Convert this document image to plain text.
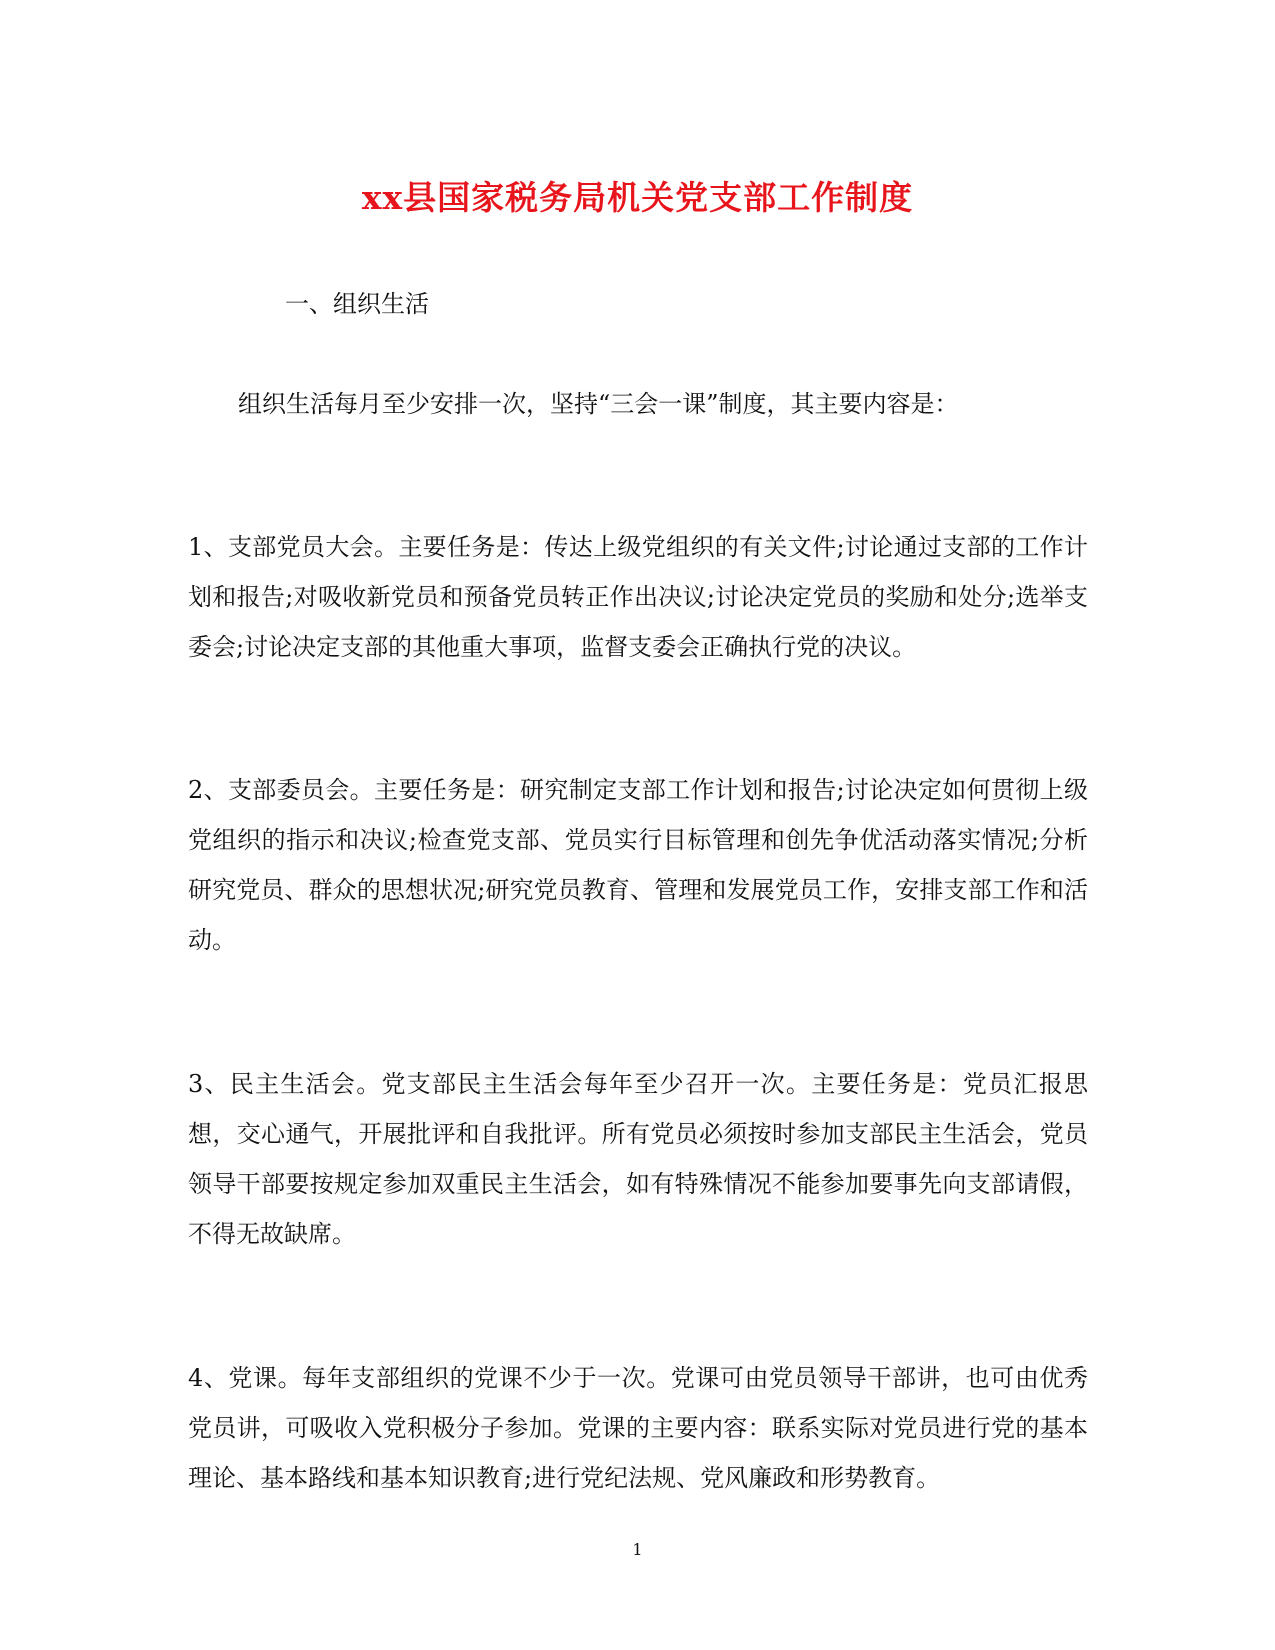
xx县国家税务局机关党支部工作制度
一、组织生活
组织生活每月至少安排一次，坚持“三会一课”制度，其主要内容是：

1、支部党员大会。主要任务是：传达上级党组织的有关文件;讨论通过支部的工作计划和报告;对吸收新党员和预备党员转正作出决议;讨论决定党员的奖励和处分;选举支委会;讨论决定支部的其他重大事项，监督支委会正确执行党的决议。

2、支部委员会。主要任务是：研究制定支部工作计划和报告;讨论决定如何贯彻上级党组织的指示和决议;检查党支部、党员实行目标管理和创先争优活动落实情况;分析研究党员、群众的思想状况;研究党员教育、管理和发展党员工作，安排支部工作和活动。

3、民主生活会。党支部民主生活会每年至少召开一次。主要任务是：党员汇报思想，交心通气，开展批评和自我批评。所有党员必须按时参加支部民主生活会，党员领导干部要按规定参加双重民主生活会，如有特殊情况不能参加要事先向支部请假，不得无故缺席。

4、党课。每年支部组织的党课不少于一次。党课可由党员领导干部讲，也可由优秀党员讲，可吸收入党积极分子参加。党课的主要内容：联系实际对党员进行党的基本理论、基本路线和基本知识教育;进行党纪法规、党风廉政和形势教育。

1
